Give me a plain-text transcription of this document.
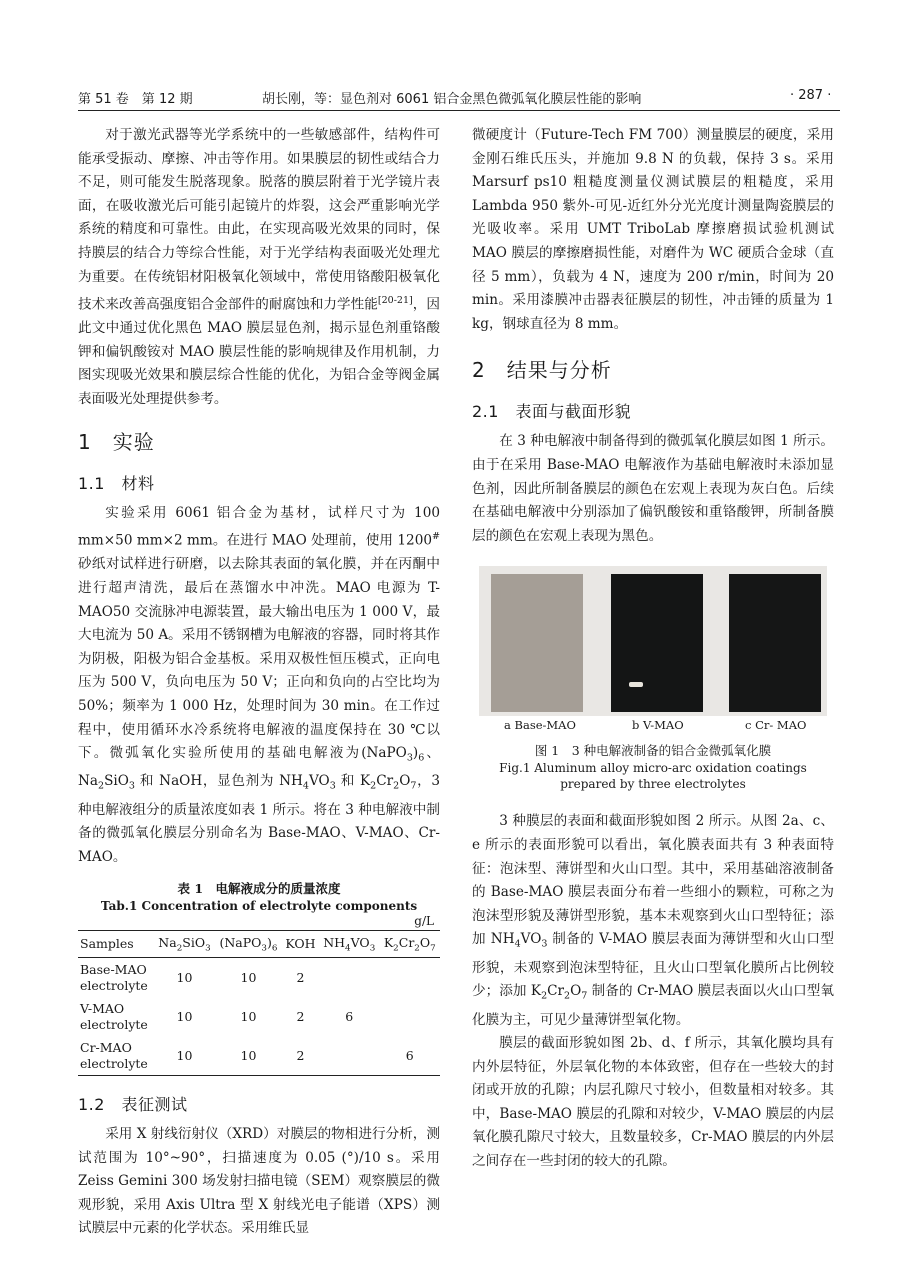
第 51 卷　第 12 期	胡长刚，等：显色剂对 6061 铝合金黑色微弧氧化膜层性能的影响	· 287 ·

对于激光武器等光学系统中的一些敏感部件，结构件可能承受振动、摩擦、冲击等作用。如果膜层的韧性或结合力不足，则可能发生脱落现象。脱落的膜层附着于光学镜片表面，在吸收激光后可能引起镜片的炸裂，这会严重影响光学系统的精度和可靠性。由此，在实现高吸光效果的同时，保持膜层的结合力等综合性能，对于光学结构表面吸光处理尤为重要。在传统铝材阳极氧化领域中，常使用铬酸阳极氧化技术来改善高强度铝合金部件的耐腐蚀和力学性能[20-21]，因此文中通过优化黑色 MAO 膜层显色剂，揭示显色剂重铬酸钾和偏钒酸铵对 MAO 膜层性能的影响规律及作用机制，力图实现吸光效果和膜层综合性能的优化，为铝合金等阀金属表面吸光处理提供参考。

1　实验
1.1　材料

实验采用 6061 铝合金为基材，试样尺寸为 100 mm×50 mm×2 mm。在进行 MAO 处理前，使用 1200#砂纸对试样进行研磨，以去除其表面的氧化膜，并在丙酮中进行超声清洗，最后在蒸馏水中冲洗。MAO 电源为 T-MAO50 交流脉冲电源装置，最大输出电压为 1 000 V，最大电流为 50 A。采用不锈钢槽为电解液的容器，同时将其作为阴极，阳极为铝合金基板。采用双极性恒压模式，正向电压为 500 V，负向电压为 50 V；正向和负向的占空比均为 50%；频率为 1 000 Hz，处理时间为 30 min。在工作过程中，使用循环水冷系统将电解液的温度保持在 30 ℃以下。微弧氧化实验所使用的基础电解液为$(NaPO_3)_6$、$Na_2SiO_3$ 和 NaOH，显色剂为 $NH_4VO_3$ 和 $K_2Cr_2O_7$，3 种电解液组分的质量浓度如表 1 所示。将在 3 种电解液中制备的微弧氧化膜层分别命名为 Base-MAO、V-MAO、Cr-MAO。

表 1　电解液成分的质量浓度
Tab.1 Concentration of electrolyte components
g/L
Samples	$Na_2SiO_3$	$(NaPO_3)_6$	KOH	$NH_4VO_3$	$K_2Cr_2O_7$
Base-MAO
electrolyte	10	10	2		
V-MAO
electrolyte	10	10	2	6	
Cr-MAO
electrolyte	10	10	2		6
1.2　表征测试

采用 X 射线衍射仪（XRD）对膜层的物相进行分析，测试范围为 10°~90°，扫描速度为 0.05 (°)/10 s。采用 Zeiss Gemini 300 场发射扫描电镜（SEM）观察膜层的微观形貌，采用 Axis Ultra 型 X 射线光电子能谱（XPS）测试膜层中元素的化学状态。采用维氏显

微硬度计（Future-Tech FM 700）测量膜层的硬度，采用金刚石维氏压头，并施加 9.8 N 的负载，保持 3 s。采用 Marsurf ps10 粗糙度测量仪测试膜层的粗糙度，采用 Lambda 950 紫外-可见-近红外分光光度计测量陶瓷膜层的光吸收率。采用 UMT TriboLab 摩擦磨损试验机测试 MAO 膜层的摩擦磨损性能，对磨件为 WC 硬质合金球（直径 5 mm），负载为 4 N，速度为 200 r/min，时间为 20 min。采用漆膜冲击器表征膜层的韧性，冲击锤的质量为 1 kg，钢球直径为 8 mm。

2　结果与分析
2.1　表面与截面形貌

在 3 种电解液中制备得到的微弧氧化膜层如图 1 所示。由于在采用 Base-MAO 电解液作为基础电解液时未添加显色剂，因此所制备膜层的颜色在宏观上表现为灰白色。后续在基础电解液中分别添加了偏钒酸铵和重铬酸钾，所制备膜层的颜色在宏观上表现为黑色。

a Base-MAO	b V-MAO	c Cr- MAO
图 1　3 种电解液制备的铝合金微弧氧化膜
Fig.1 Aluminum alloy micro-arc oxidation coatings
prepared by three electrolytes

3 种膜层的表面和截面形貌如图 2 所示。从图 2a、c、e 所示的表面形貌可以看出，氧化膜表面共有 3 种表面特征：泡沫型、薄饼型和火山口型。其中，采用基础溶液制备的 Base-MAO 膜层表面分布着一些细小的颗粒，可称之为泡沫型形貌及薄饼型形貌，基本未观察到火山口型特征；添加 $NH_4VO_3$ 制备的 V-MAO 膜层表面为薄饼型和火山口型形貌，未观察到泡沫型特征，且火山口型氧化膜所占比例较少；添加 $K_2Cr_2O_7$ 制备的 Cr-MAO 膜层表面以火山口型氧化膜为主，可见少量薄饼型氧化物。

膜层的截面形貌如图 2b、d、f 所示，其氧化膜均具有内外层特征，外层氧化物的本体致密，但存在一些较大的封闭或开放的孔隙；内层孔隙尺寸较小，但数量相对较多。其中，Base-MAO 膜层的孔隙和对较少，V-MAO 膜层的内层氧化膜孔隙尺寸较大，且数量较多，Cr-MAO 膜层的内外层之间存在一些封闭的较大的孔隙。
